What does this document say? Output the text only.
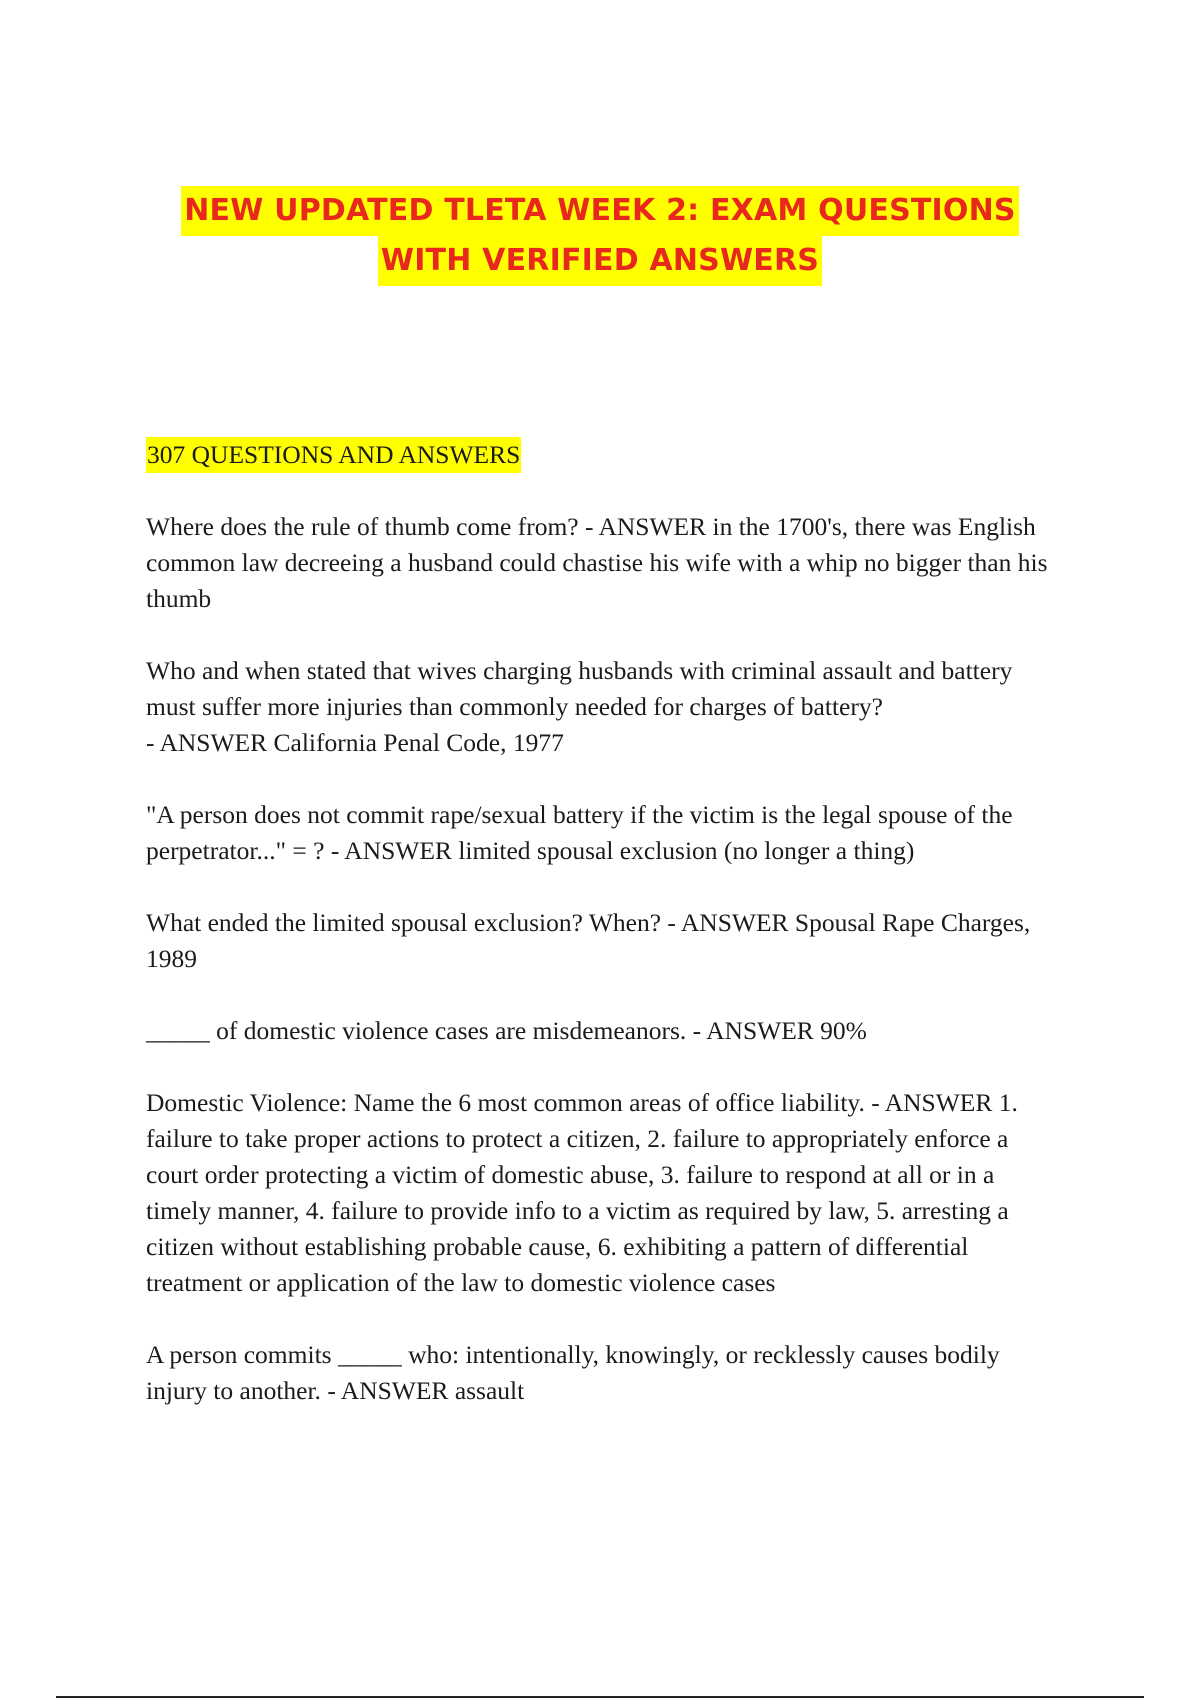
NEW UPDATED TLETA WEEK 2: EXAM QUESTIONS
WITH VERIFIED ANSWERS
307 QUESTIONS AND ANSWERS
Where does the rule of thumb come from? - ANSWER in the 1700's, there was English common law decreeing a husband could chastise his wife with a whip no bigger than his thumb
Who and when stated that wives charging husbands with criminal assault and battery must suffer more injuries than commonly needed for charges of battery?
- ANSWER California Penal Code, 1977
"A person does not commit rape/sexual battery if the victim is the legal spouse of the perpetrator..." = ? - ANSWER limited spousal exclusion (no longer a thing)
What ended the limited spousal exclusion? When? - ANSWER Spousal Rape Charges, 1989
_____ of domestic violence cases are misdemeanors. - ANSWER 90%
Domestic Violence: Name the 6 most common areas of office liability. - ANSWER 1. failure to take proper actions to protect a citizen, 2. failure to appropriately enforce a court order protecting a victim of domestic abuse, 3. failure to respond at all or in a timely manner, 4. failure to provide info to a victim as required by law, 5. arresting a citizen without establishing probable cause, 6. exhibiting a pattern of differential treatment or application of the law to domestic violence cases
A person commits _____ who: intentionally, knowingly, or recklessly causes bodily injury to another. - ANSWER assault
